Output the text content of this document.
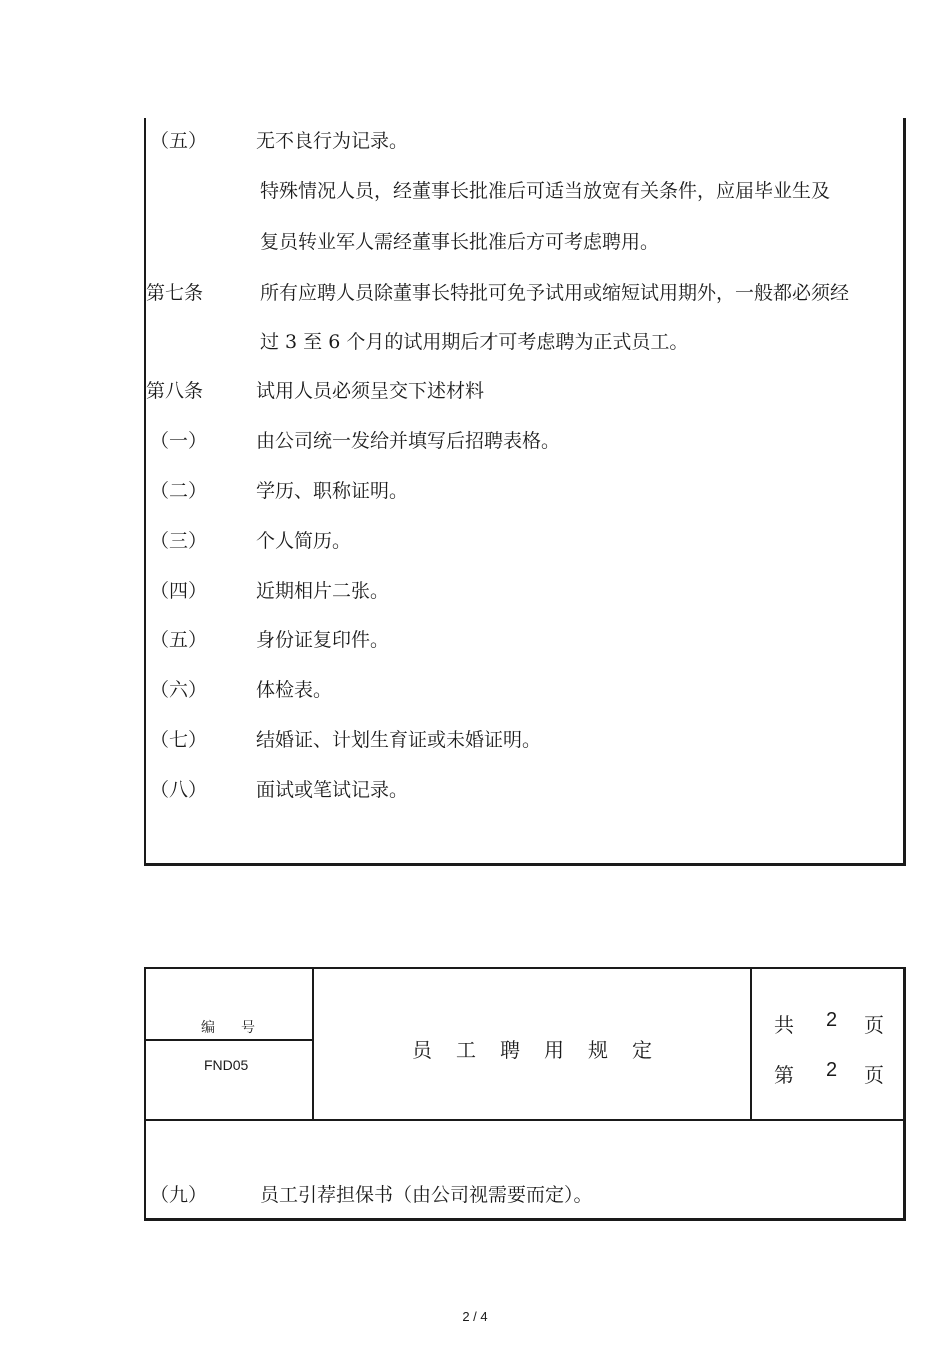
（五）	无不良行为记录。
特殊情况人员，经董事长批准后可适当放宽有关条件，应届毕业生及
复员转业军人需经董事长批准后方可考虑聘用。
第七条	所有应聘人员除董事长特批可免予试用或缩短试用期外，一般都必须经
过 3 至 6 个月的试用期后才可考虑聘为正式员工。
第八条	试用人员必须呈交下述材料
（一）	由公司统一发给并填写后招聘表格。
（二）	学历、职称证明。
（三）	个人简历。
（四）	近期相片二张。
（五）	身份证复印件。
（六）	体检表。
（七）	结婚证、计划生育证或未婚证明。
（八）	面试或笔试记录。
编号
FND05
员工聘用规定
共 2 页
第 2 页
（九）	员工引荐担保书（由公司视需要而定）。
2 / 4
